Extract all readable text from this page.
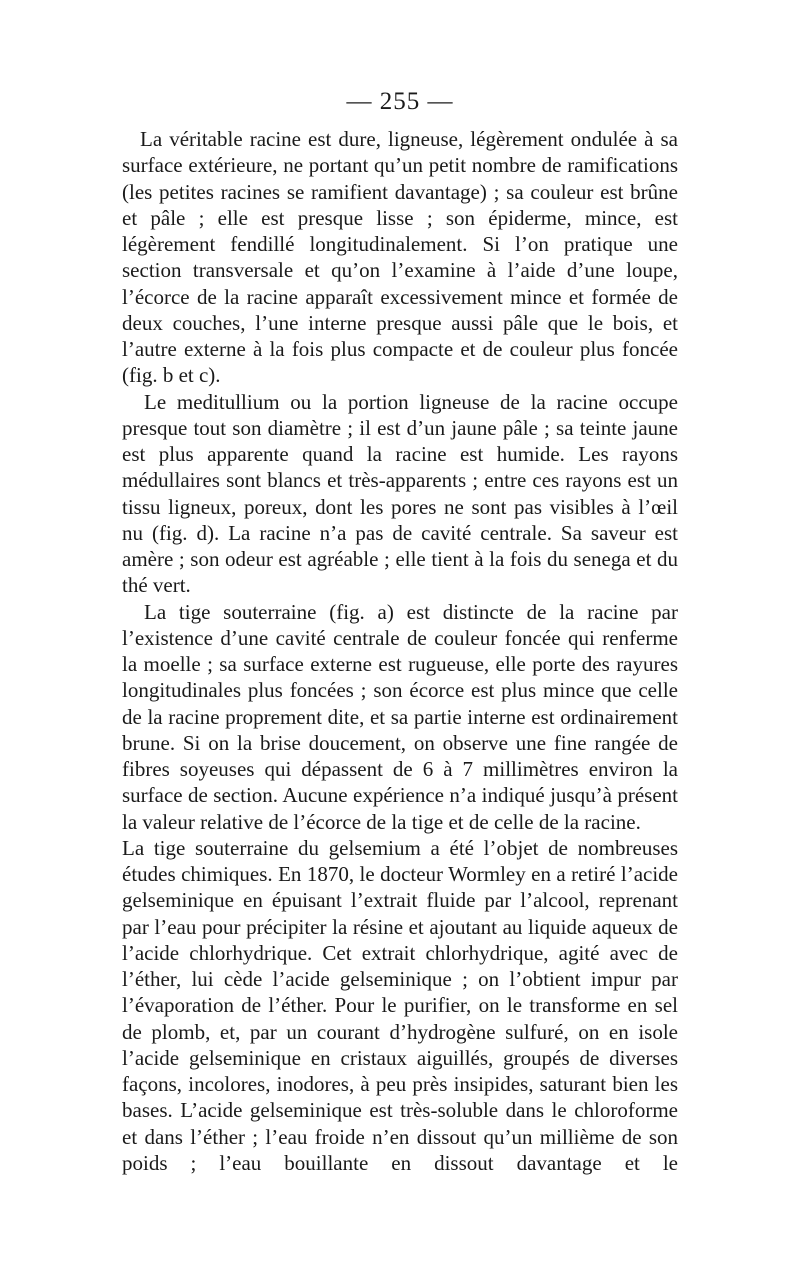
— 255 —

La véritable racine est dure, ligneuse, légèrement ondulée à sa surface extérieure, ne portant qu’un petit nombre de ramifications (les petites racines se ramifient davantage) ; sa couleur est brûne et pâle ; elle est presque lisse ; son épiderme, mince, est légèrement fendillé longitudinalement. Si l’on pratique une section transversale et qu’on l’examine à l’aide d’une loupe, l’écorce de la racine apparaît excessivement mince et formée de deux couches, l’une interne presque aussi pâle que le bois, et l’autre externe à la fois plus compacte et de couleur plus foncée (fig. b et c).

Le meditullium ou la portion ligneuse de la racine occupe presque tout son diamètre ; il est d’un jaune pâle ; sa teinte jaune est plus apparente quand la racine est humide. Les rayons médullaires sont blancs et très-apparents ; entre ces rayons est un tissu ligneux, poreux, dont les pores ne sont pas visibles à l’œil nu (fig. d). La racine n’a pas de cavité centrale. Sa saveur est amère ; son odeur est agréable ; elle tient à la fois du senega et du thé vert.

La tige souterraine (fig. a) est distincte de la racine par l’existence d’une cavité centrale de couleur foncée qui renferme la moelle ; sa surface externe est rugueuse, elle porte des rayures longitudinales plus foncées ; son écorce est plus mince que celle de la racine proprement dite, et sa partie interne est ordinairement brune. Si on la brise doucement, on observe une fine rangée de fibres soyeuses qui dépassent de 6 à 7 millimètres environ la surface de section. Aucune expérience n’a indiqué jusqu’à présent la valeur relative de l’écorce de la tige et de celle de la racine.

La tige souterraine du gelsemium a été l’objet de nombreuses études chimiques. En 1870, le docteur Wormley en a retiré l’acide gelseminique en épuisant l’extrait fluide par l’alcool, reprenant par l’eau pour précipiter la résine et ajoutant au liquide aqueux de l’acide chlorhydrique. Cet extrait chlorhydrique, agité avec de l’éther, lui cède l’acide gelseminique ; on l’obtient impur par l’évaporation de l’éther. Pour le purifier, on le transforme en sel de plomb, et, par un courant d’hydrogène sulfuré, on en isole l’acide gelseminique en cristaux aiguillés, groupés de diverses façons, incolores, inodores, à peu près insipides, saturant bien les bases. L’acide gelseminique est très-soluble dans le chloroforme et dans l’éther ; l’eau froide n’en dissout qu’un millième de son poids ; l’eau bouillante en dissout davantage et le
